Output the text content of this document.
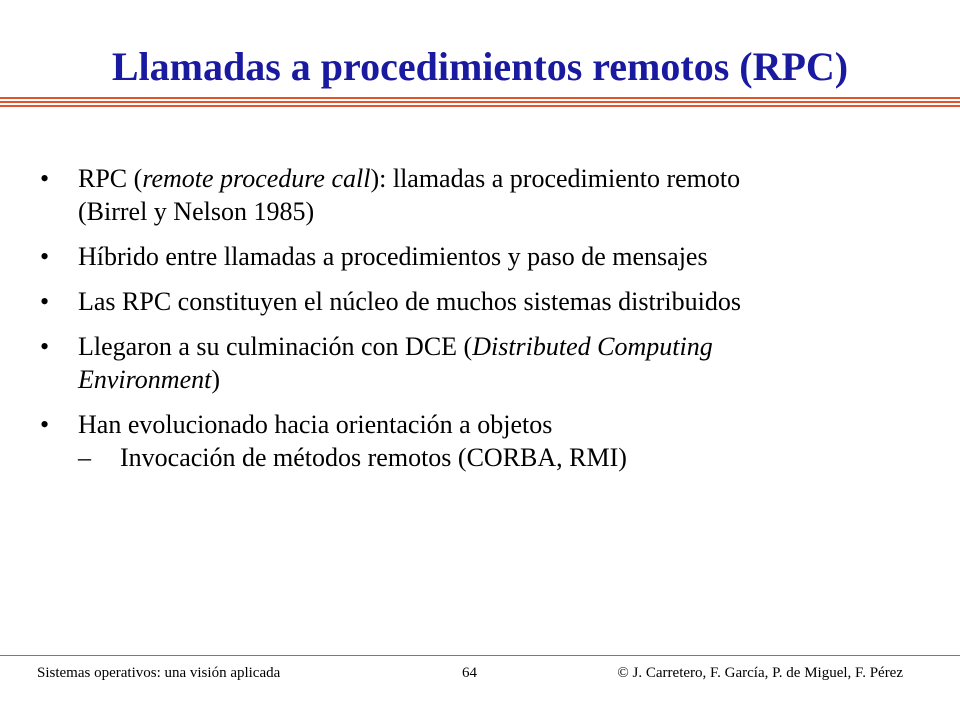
Llamadas a procedimientos remotos (RPC)
• RPC (remote procedure call): llamadas a procedimiento remoto
(Birrel y Nelson 1985)
• Híbrido entre llamadas a procedimientos y paso de mensajes
• Las RPC constituyen el núcleo de muchos sistemas distribuidos
• Llegaron a su culminación con DCE (Distributed Computing
Environment)
• Han evolucionado hacia orientación a objetos
– Invocación de métodos remotos (CORBA, RMI)
Sistemas operativos: una visión aplicada	64	© J. Carretero, F. García, P. de Miguel, F. Pérez
